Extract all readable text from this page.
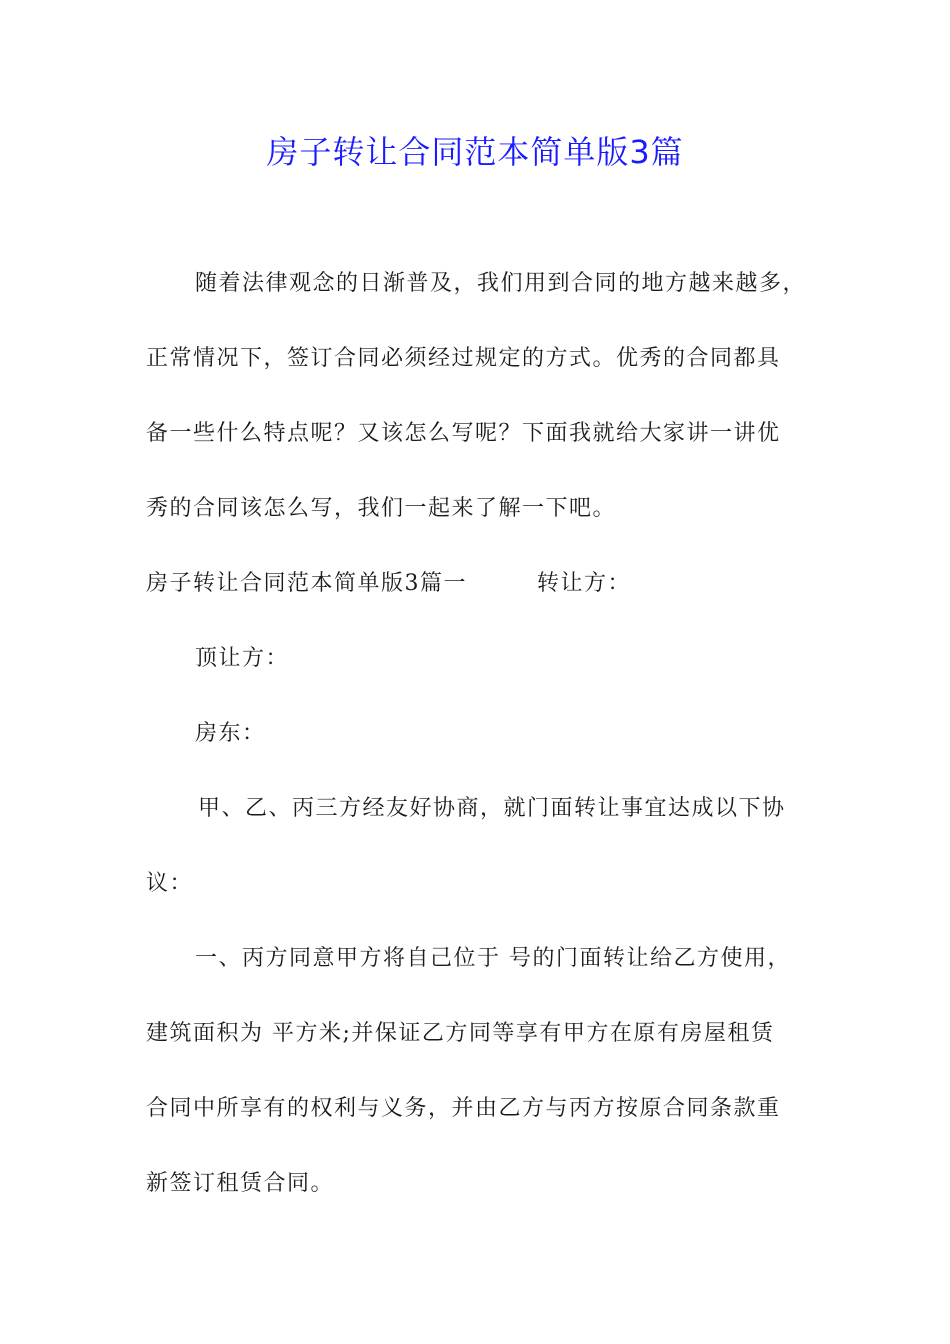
房子转让合同范本简单版3篇

随着法律观念的日渐普及，我们用到合同的地方越来越多，

正常情况下，签订合同必须经过规定的方式。优秀的合同都具

备一些什么特点呢？又该怎么写呢？下面我就给大家讲一讲优

秀的合同该怎么写，我们一起来了解一下吧。

房子转让合同范本简单版3篇一	转让方：

顶让方：

房东：

甲、乙、丙三方经友好协商，就门面转让事宜达成以下协

议：

一、丙方同意甲方将自己位于 号的门面转让给乙方使用，

建筑面积为 平方米;并保证乙方同等享有甲方在原有房屋租赁

合同中所享有的权利与义务，并由乙方与丙方按原合同条款重

新签订租赁合同。
